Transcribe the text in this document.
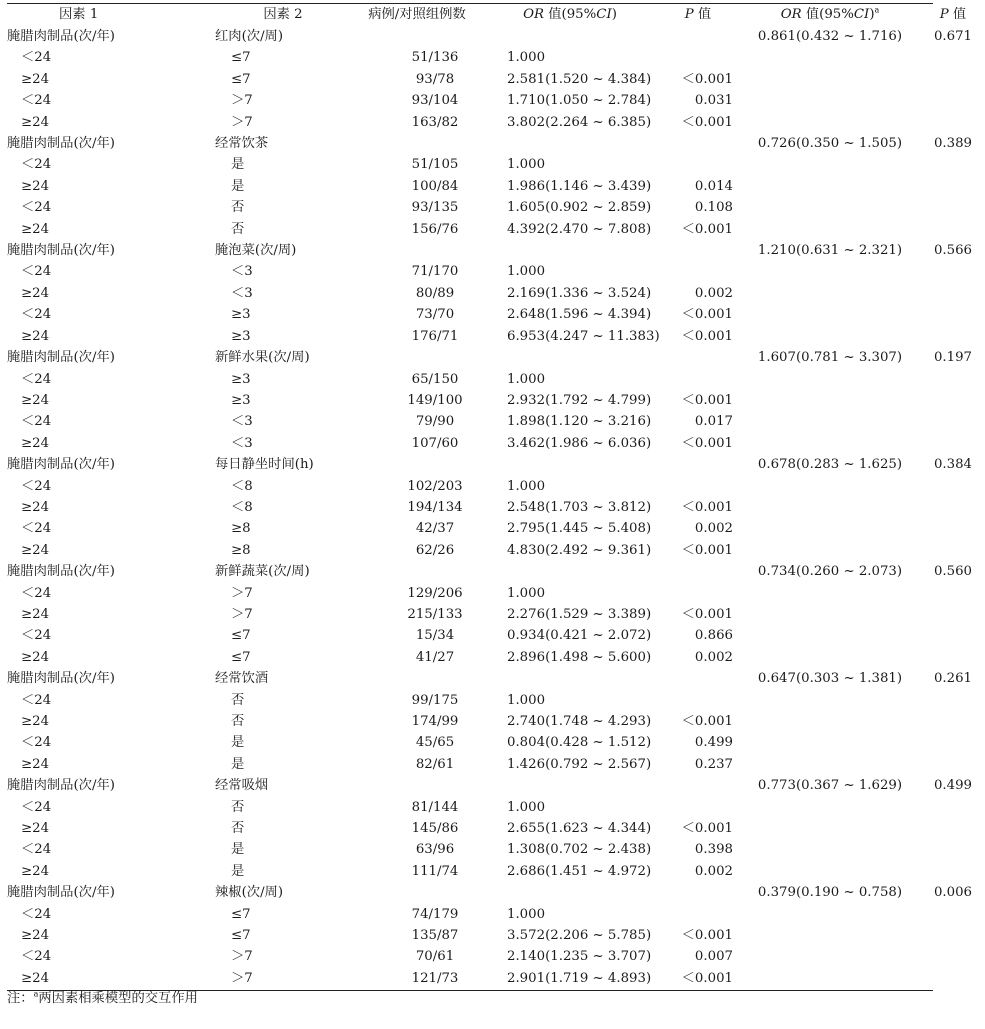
因素 1	因素 2	病例/对照组例数	OR 值(95%CI)	P 值	OR 值$(95\%CI)^a$	P 值
腌腊肉制品(次/年)	红肉(次/周)				0.861(0.432 ~ 1.716)	0.671
＜24	≤7	51/136	1.000			
≥24	≤7	93/78	2.581(1.520 ~ 4.384)	＜0.001		
＜24	＞7	93/104	1.710(1.050 ~ 2.784)	0.031		
≥24	＞7	163/82	3.802(2.264 ~ 6.385)	＜0.001		
腌腊肉制品(次/年)	经常饮茶				0.726(0.350 ~ 1.505)	0.389
＜24	是	51/105	1.000			
≥24	是	100/84	1.986(1.146 ~ 3.439)	0.014		
＜24	否	93/135	1.605(0.902 ~ 2.859)	0.108		
≥24	否	156/76	4.392(2.470 ~ 7.808)	＜0.001		
腌腊肉制品(次/年)	腌泡菜(次/周)				1.210(0.631 ~ 2.321)	0.566
＜24	＜3	71/170	1.000			
≥24	＜3	80/89	2.169(1.336 ~ 3.524)	0.002		
＜24	≥3	73/70	2.648(1.596 ~ 4.394)	＜0.001		
≥24	≥3	176/71	6.953(4.247 ~ 11.383)	＜0.001		
腌腊肉制品(次/年)	新鲜水果(次/周)				1.607(0.781 ~ 3.307)	0.197
＜24	≥3	65/150	1.000			
≥24	≥3	149/100	2.932(1.792 ~ 4.799)	＜0.001		
＜24	＜3	79/90	1.898(1.120 ~ 3.216)	0.017		
≥24	＜3	107/60	3.462(1.986 ~ 6.036)	＜0.001		
腌腊肉制品(次/年)	每日静坐时间(h)				0.678(0.283 ~ 1.625)	0.384
＜24	＜8	102/203	1.000			
≥24	＜8	194/134	2.548(1.703 ~ 3.812)	＜0.001		
＜24	≥8	42/37	2.795(1.445 ~ 5.408)	0.002		
≥24	≥8	62/26	4.830(2.492 ~ 9.361)	＜0.001		
腌腊肉制品(次/年)	新鲜蔬菜(次/周)				0.734(0.260 ~ 2.073)	0.560
＜24	＞7	129/206	1.000			
≥24	＞7	215/133	2.276(1.529 ~ 3.389)	＜0.001		
＜24	≤7	15/34	0.934(0.421 ~ 2.072)	0.866		
≥24	≤7	41/27	2.896(1.498 ~ 5.600)	0.002		
腌腊肉制品(次/年)	经常饮酒				0.647(0.303 ~ 1.381)	0.261
＜24	否	99/175	1.000			
≥24	否	174/99	2.740(1.748 ~ 4.293)	＜0.001		
＜24	是	45/65	0.804(0.428 ~ 1.512)	0.499		
≥24	是	82/61	1.426(0.792 ~ 2.567)	0.237		
腌腊肉制品(次/年)	经常吸烟				0.773(0.367 ~ 1.629)	0.499
＜24	否	81/144	1.000			
≥24	否	145/86	2.655(1.623 ~ 4.344)	＜0.001		
＜24	是	63/96	1.308(0.702 ~ 2.438)	0.398		
≥24	是	111/74	2.686(1.451 ~ 4.972)	0.002		
腌腊肉制品(次/年)	辣椒(次/周)				0.379(0.190 ~ 0.758)	0.006
＜24	≤7	74/179	1.000			
≥24	≤7	135/87	3.572(2.206 ~ 5.785)	＜0.001		
＜24	＞7	70/61	2.140(1.235 ~ 3.707)	0.007		
≥24	＞7	121/73	2.901(1.719 ~ 4.893)	＜0.001		
注：$^a$两因素相乘模型的交互作用
